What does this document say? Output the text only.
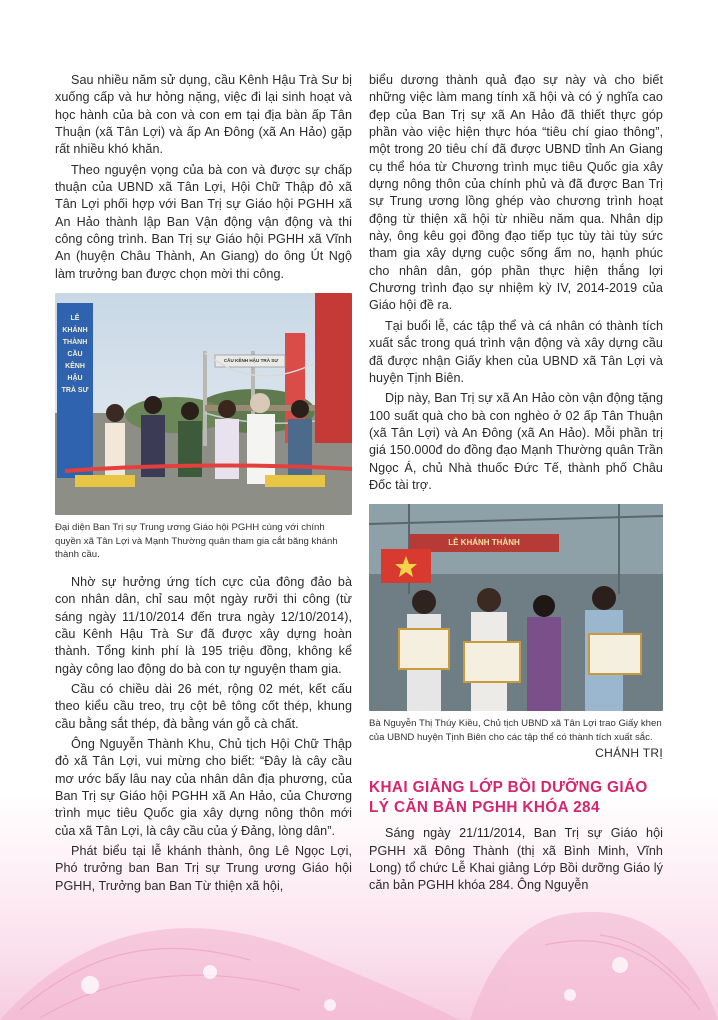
Sau nhiều năm sử dụng, cầu Kênh Hậu Trà Sư bị xuống cấp và hư hỏng nặng, việc đi lại sinh hoạt và học hành của bà con và con em tại địa bàn ấp Tân Thuận (xã Tân Lợi) và ấp An Đông (xã An Hảo) gặp rất nhiều khó khăn.

Theo nguyện vọng của bà con và được sự chấp thuận của UBND xã Tân Lợi, Hội Chữ Thập đỏ xã Tân Lợi phối hợp với Ban Trị sự Giáo hội PGHH xã An Hảo thành lập Ban Vận động vận động và thi công công trình. Ban Trị sự Giáo hội PGHH xã Vĩnh An (huyện Châu Thành, An Giang) do ông Út Ngộ làm trưởng ban được chọn mời thi công.

CẦU KÊNH HẬU TRÀ SƯ
LỄ KHÁNH THÀNH CẦU KÊNH HẬU TRÀ SƯ
Đại diện Ban Trị sự Trung ương Giáo hội PGHH cùng với chính quyền xã Tân Lợi và Mạnh Thường quân tham gia cắt băng khánh thành cầu.

Nhờ sự hưởng ứng tích cực của đông đảo bà con nhân dân, chỉ sau một ngày rưỡi thi công (từ sáng ngày 11/10/2014 đến trưa ngày 12/10/2014), cầu Kênh Hậu Trà Sư đã được xây dựng hoàn thành. Tổng kinh phí là 195 triệu đồng, không kể ngày công lao động do bà con tự nguyện tham gia.

Cầu có chiều dài 26 mét, rộng 02 mét, kết cấu theo kiểu cầu treo, trụ cột bê tông cốt thép, khung cầu bằng sắt thép, đà bằng ván gỗ cà chất.

Ông Nguyễn Thành Khu, Chủ tịch Hội Chữ Thập đỏ xã Tân Lợi, vui mừng cho biết: “Đây là cây cầu mơ ước bấy lâu nay của nhân dân địa phương, của Ban Trị sự Giáo hội PGHH xã An Hảo, của Chương trình mục tiêu Quốc gia xây dựng nông thôn mới của xã Tân Lợi, là cây cầu của ý Đảng, lòng dân”.

Phát biểu tại lễ khánh thành, ông Lê Ngọc Lợi, Phó trưởng ban Ban Trị sự Trung ương Giáo hội PGHH, Trưởng ban Ban Từ thiện xã hội,

biểu dương thành quả đạo sự này và cho biết những việc làm mang tính xã hội và có ý nghĩa cao đẹp của Ban Trị sự xã An Hảo đã thiết thực góp phần vào việc hiện thực hóa “tiêu chí giao thông”, một trong 20 tiêu chí đã được UBND tỉnh An Giang cụ thể hóa từ Chương trình mục tiêu Quốc gia xây dựng nông thôn của chính phủ và đã được Ban Trị sự Trung ương lồng ghép vào chương trình hoạt động từ thiện xã hội từ nhiều năm qua. Nhân dịp này, ông kêu gọi đồng đạo tiếp tục tùy tài tùy sức tham gia xây dựng cuộc sống ấm no, hạnh phúc cho nhân dân, góp phần thực hiện thắng lợi Chương trình đạo sự nhiệm kỳ IV, 2014-2019 của Giáo hội đề ra.

Tại buổi lễ, các tập thể và cá nhân có thành tích xuất sắc trong quá trình vận động và xây dựng cầu đã được nhận Giấy khen của UBND xã Tân Lợi và huyện Tịnh Biên.

Dịp này, Ban Trị sự xã An Hảo còn vận động tặng 100 suất quà cho bà con nghèo ở 02 ấp Tân Thuận (xã Tân Lợi) và An Đông (xã An Hảo). Mỗi phần trị giá 150.000đ do đồng đạo Mạnh Thường quân Trần Ngọc Á, chủ Nhà thuốc Đức Tế, thành phố Châu Đốc tài trợ.

LỄ KHÁNH THÀNH
Bà Nguyễn Thị Thúy Kiều, Chủ tịch UBND xã Tân Lợi trao Giấy khen của UBND huyện Tịnh Biên cho các tập thể có thành tích xuất sắc.
CHÁNH TRỊ
KHAI GIẢNG LỚP BỒI DƯỠNG GIÁO LÝ CĂN BẢN PGHH KHÓA 284

Sáng ngày 21/11/2014, Ban Trị sự Giáo hội PGHH xã Đông Thành (thị xã Bình Minh, Vĩnh Long) tổ chức Lễ Khai giảng Lớp Bồi dưỡng Giáo lý căn bản PGHH khóa 284. Ông Nguyễn
